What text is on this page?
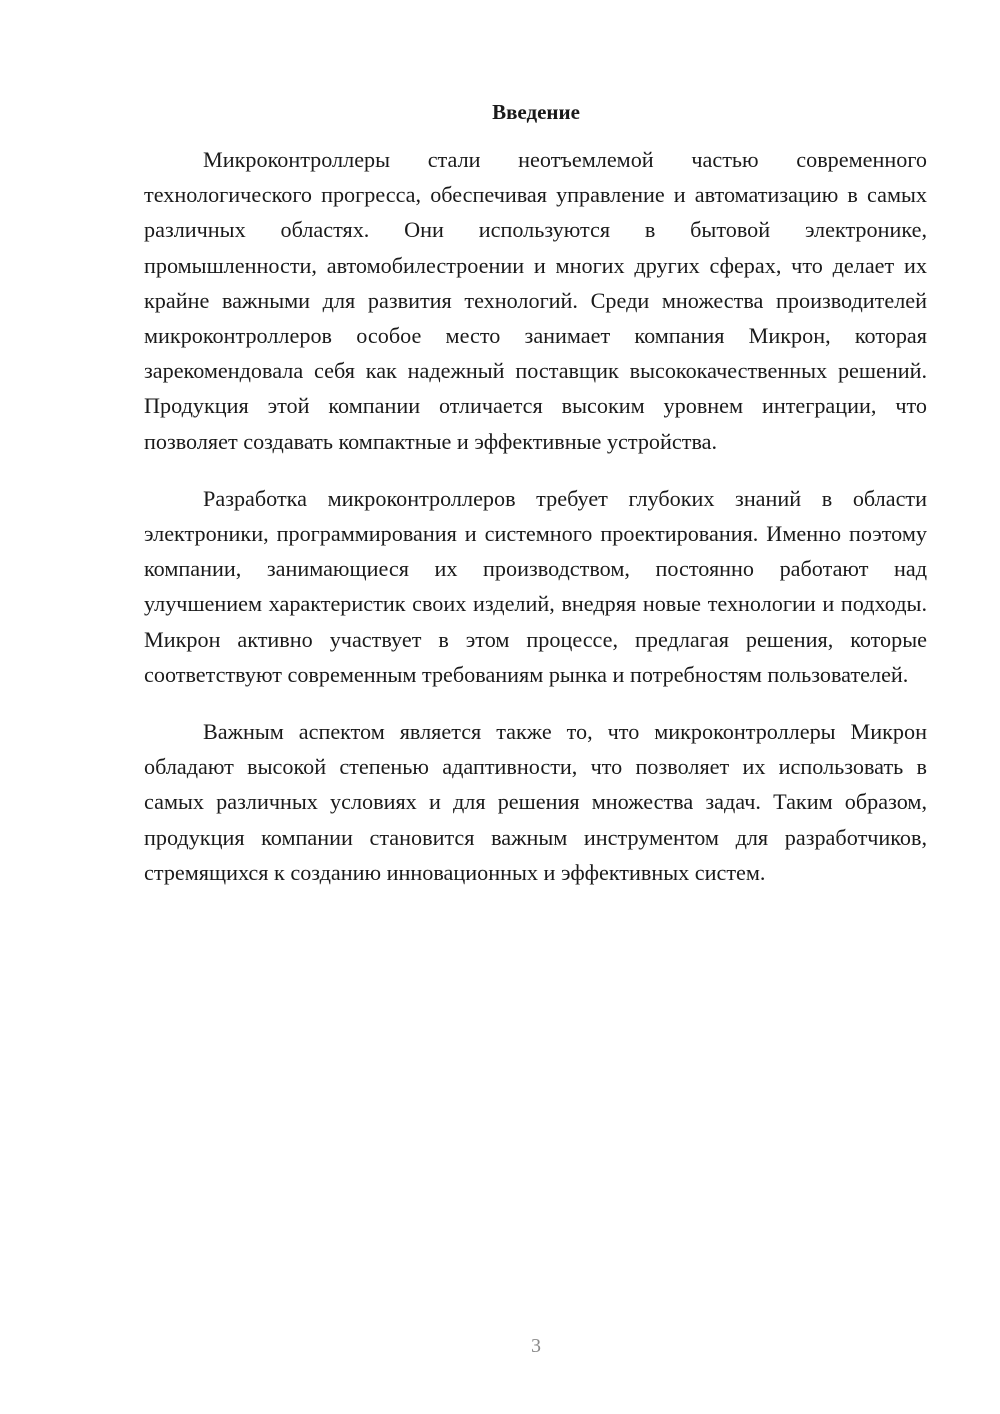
Введение

Микроконтроллеры стали неотъемлемой частью современного технологического прогресса, обеспечивая управление и автоматизацию в самых различных областях. Они используются в бытовой электронике, промышленности, автомобилестроении и многих других сферах, что делает их крайне важными для развития технологий. Среди множества производителей микроконтроллеров особое место занимает компания Микрон, которая зарекомендовала себя как надежный поставщик высококачественных решений. Продукция этой компании отличается высоким уровнем интеграции, что позволяет создавать компактные и эффективные устройства.

Разработка микроконтроллеров требует глубоких знаний в области электроники, программирования и системного проектирования. Именно поэтому компании, занимающиеся их производством, постоянно работают над улучшением характеристик своих изделий, внедряя новые технологии и подходы. Микрон активно участвует в этом процессе, предлагая решения, которые соответствуют современным требованиям рынка и потребностям пользователей.

Важным аспектом является также то, что микроконтроллеры Микрон обладают высокой степенью адаптивности, что позволяет их использовать в самых различных условиях и для решения множества задач. Таким образом, продукция компании становится важным инструментом для разработчиков, стремящихся к созданию инновационных и эффективных систем.

3
